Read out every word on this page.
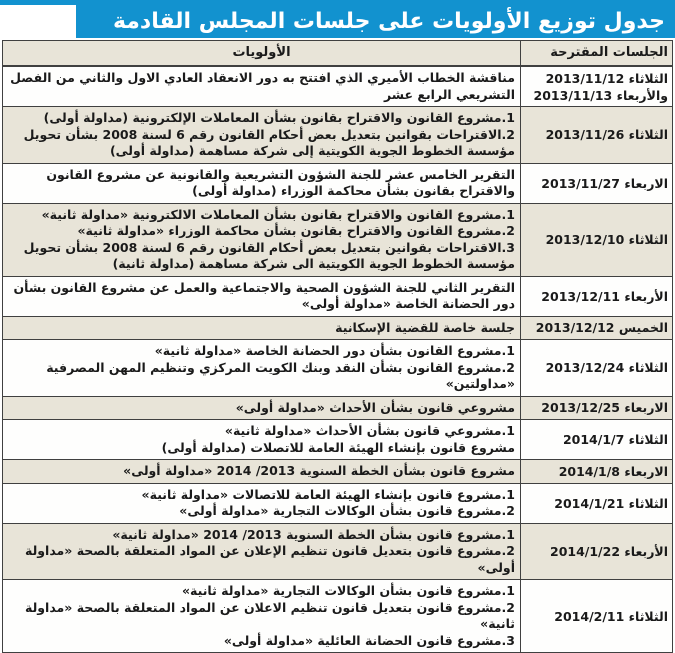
جدول توزيع الأولويات على جلسات المجلس القادمة
الجلسات المقترحة
الأولويات
الثلاثاء 2013/11/12
والأربعاء 2013/11/13
مناقشة الخطاب الأميري الذي افتتح به دور الانعقاد العادي الاول والثاني من الفصل التشريعي الرابع عشر
الثلاثاء 2013/11/26
1.مشروع القانون والاقتراح بقانون بشأن المعاملات الإلكترونية (مداولة أولى)
2.الاقتراحات بقوانين بتعديل بعض أحكام القانون رقم 6 لسنة 2008 بشأن تحويل مؤسسة الخطوط الجوية الكويتية إلى شركة مساهمة (مداولة أولى)
الاربعاء 2013/11/27
التقرير الخامس عشر للجنة الشؤون التشريعية والقانونية عن مشروع القانون والاقتراح بقانون بشأن محاكمة الوزراء (مداولة أولى)
الثلاثاء 2013/12/10
1.مشروع القانون والاقتراح بقانون بشأن المعاملات الالكترونية «مداولة ثانية»
2.مشروع القانون والاقتراح بقانون بشأن محاكمة الوزراء «مداولة ثانية»
3.الاقتراحات بقوانين بتعديل بعض أحكام القانون رقم 6 لسنة 2008 بشأن تحويل مؤسسة الخطوط الجوية الكويتية الى شركة مساهمة (مداولة ثانية)
الأربعاء 2013/12/11
التقرير الثاني للجنة الشؤون الصحية والاجتماعية والعمل عن مشروع القانون بشأن دور الحضانة الخاصة «مداولة أولى»
الخميس 2013/12/12
جلسة خاصة للقضية الإسكانية
الثلاثاء 2013/12/24
1.مشروع القانون بشأن دور الحضانة الخاصة «مداولة ثانية»
2.مشروع القانون بشأن النقد وبنك الكويت المركزي وتنظيم المهن المصرفية «مداولتين»
الاربعاء 2013/12/25
مشروعي قانون بشأن الأحداث «مداولة أولى»
الثلاثاء 2014/1/7
1.مشروعي قانون بشأن الأحداث «مداولة ثانية»
مشروع قانون بإنشاء الهيئة العامة للاتصلات (مداولة أولى)
الاربعاء 2014/1/8
مشروع قانون بشأن الخطة السنوية 2013/ 2014 «مداولة أولى»
الثلاثاء 2014/1/21
1.مشروع قانون بإنشاء الهيئة العامة للاتصالات «مداولة ثانية»
2.مشروع قانون بشأن الوكالات التجارية «مداولة أولى»
الأربعاء 2014/1/22
1.مشروع قانون بشأن الخطة السنوية 2013/ 2014 «مداولة ثانية»
2.مشروع قانون بتعديل قانون تنظيم الإعلان عن المواد المتعلقة بالصحة «مداولة أولى»
الثلاثاء 2014/2/11
1.مشروع قانون بشأن الوكالات التجارية «مداولة ثانية»
2.مشروع قانون بتعديل قانون تنظيم الاعلان عن المواد المتعلقة بالصحة «مداولة ثانية»
3.مشروع قانون الحضانة العائلية «مداولة أولى»
